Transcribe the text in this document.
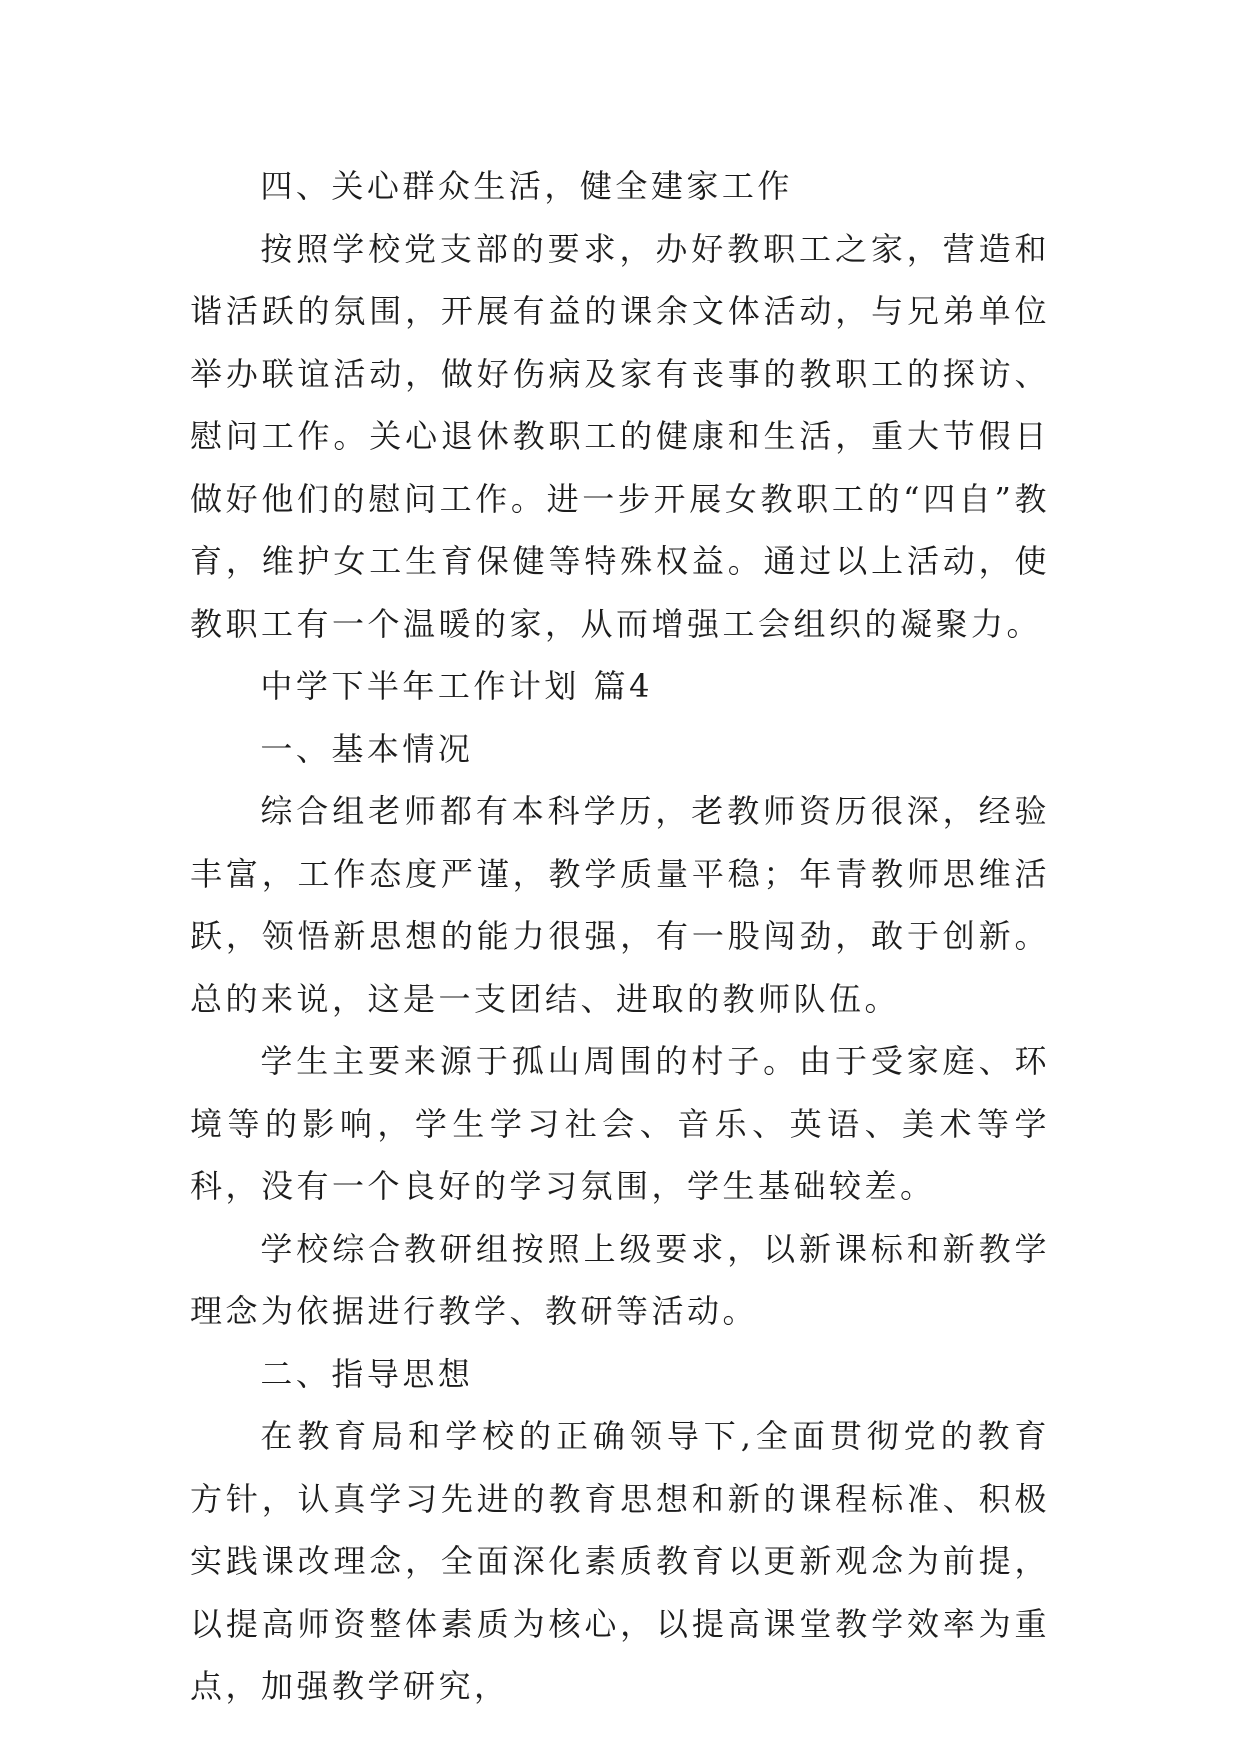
四、关心群众生活，健全建家工作

按照学校党支部的要求，办好教职工之家，营造和谐活跃的氛围，开展有益的课余文体活动，与兄弟单位举办联谊活动，做好伤病及家有丧事的教职工的探访、慰问工作。关心退休教职工的健康和生活，重大节假日做好他们的慰问工作。进一步开展女教职工的“四自”教育，维护女工生育保健等特殊权益。通过以上活动，使教职工有一个温暖的家，从而增强工会组织的凝聚力。

中学下半年工作计划 篇4

一、基本情况

综合组老师都有本科学历，老教师资历很深，经验丰富，工作态度严谨，教学质量平稳；年青教师思维活跃，领悟新思想的能力很强，有一股闯劲，敢于创新。总的来说，这是一支团结、进取的教师队伍。

学生主要来源于孤山周围的村子。由于受家庭、环境等的影响，学生学习社会、音乐、英语、美术等学科，没有一个良好的学习氛围，学生基础较差。

学校综合教研组按照上级要求，以新课标和新教学理念为依据进行教学、教研等活动。

二、指导思想

在教育局和学校的正确领导下,全面贯彻党的教育方针，认真学习先进的教育思想和新的课程标准、积极实践课改理念，全面深化素质教育以更新观念为前提，以提高师资整体素质为核心，以提高课堂教学效率为重点，加强教学研究，
